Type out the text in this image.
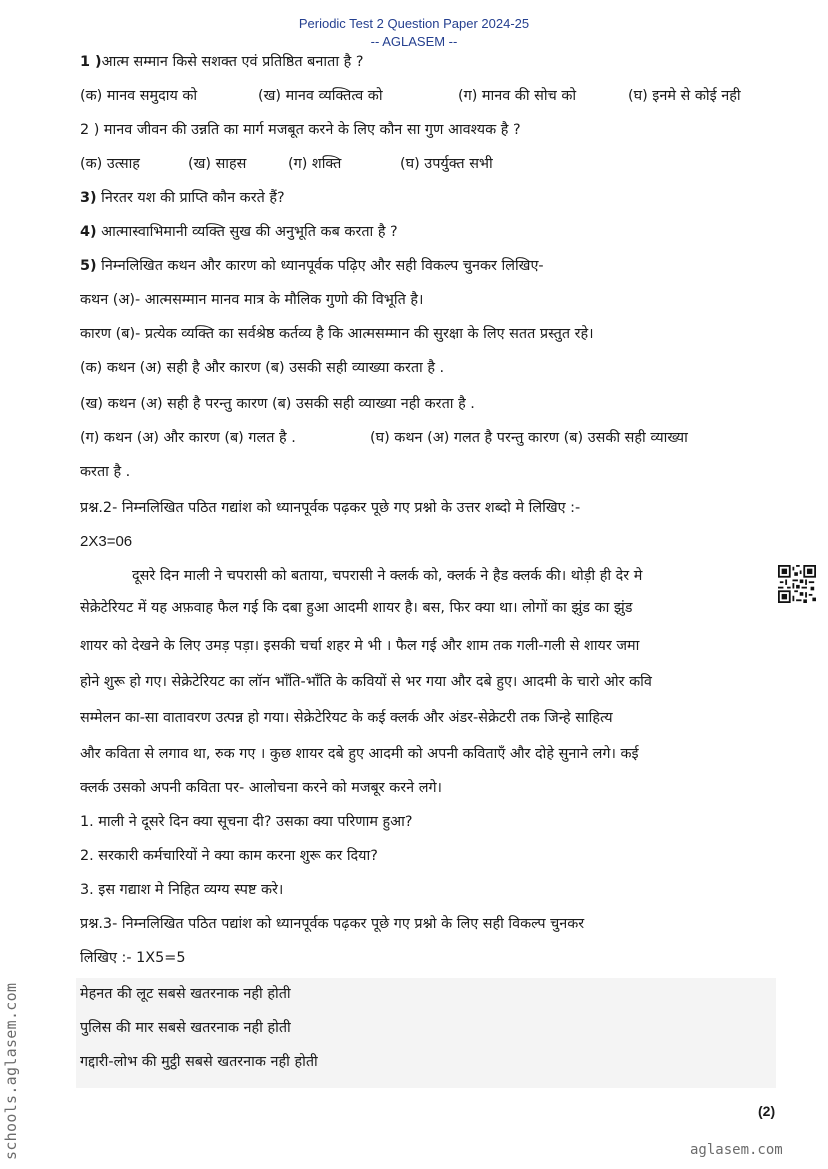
Periodic Test 2 Question Paper 2024-25
-- AGLASEM --
1 )आत्म सम्मान किसे सशक्त एवं प्रतिष्ठित बनाता है ?
(क) मानव समुदाय को	(ख) मानव व्यक्तित्व को	(ग) मानव की सोच को	(घ) इनमे से कोई नही
2 ) मानव जीवन की उन्नति का मार्ग मजबूत करने के लिए कौन सा गुण आवश्यक है ?
(क) उत्साह	(ख) साहस	(ग) शक्ति	(घ) उपर्युक्त सभी
3) निरतर यश की प्राप्ति कौन करते हैं?
4) आत्मास्वाभिमानी व्यक्ति सुख की अनुभूति कब करता है ?
5) निम्नलिखित कथन और कारण को ध्यानपूर्वक पढ़िए और सही विकल्प चुनकर लिखिए-
कथन (अ)- आत्मसम्मान मानव मात्र के मौलिक गुणो की विभूति है।
कारण (ब)- प्रत्येक व्यक्ति का सर्वश्रेष्ठ कर्तव्य है कि आत्मसम्मान की सुरक्षा के लिए सतत प्रस्तुत रहे।
(क) कथन (अ) सही है और कारण (ब) उसकी सही व्याख्या करता है .
(ख) कथन (अ) सही है परन्तु कारण (ब) उसकी सही व्याख्या नही करता है .
(ग) कथन (अ) और कारण (ब) गलत है .	(घ) कथन (अ) गलत है परन्तु कारण (ब) उसकी सही व्याख्या
करता है .
प्रश्न.2- निम्नलिखित पठित गद्यांश को ध्यानपूर्वक पढ़कर पूछे गए प्रश्नो के उत्तर शब्दो मे लिखिए :-
2X3=06
दूसरे दिन माली ने चपरासी को बताया, चपरासी ने क्लर्क को, क्लर्क ने हैड क्लर्क की। थोड़ी ही देर मे
सेक्रेटेरियट में यह अफ़वाह फैल गई कि दबा हुआ आदमी शायर है। बस, फिर क्या था। लोगों का झुंड का झुंड
शायर को देखने के लिए उमड़ पड़ा। इसकी चर्चा शहर मे भी । फैल गई और शाम तक गली-गली से शायर जमा
होने शुरू हो गए। सेक्रेटेरियट का लॉन भाँति-भाँति के कवियों से भर गया और दबे हुए। आदमी के चारो ओर कवि
सम्मेलन का-सा वातावरण उत्पन्न हो गया। सेक्रेटेरियट के कई क्लर्क और अंडर-सेक्रेटरी तक जिन्हे साहित्य
और कविता से लगाव था, रुक गए । कुछ शायर दबे हुए आदमी को अपनी कविताएँ और दोहे सुनाने लगे। कई
क्लर्क उसको अपनी कविता पर- आलोचना करने को मजबूर करने लगे।
1. माली ने दूसरे दिन क्या सूचना दी? उसका क्या परिणाम हुआ?
2. सरकारी कर्मचारियों ने क्या काम करना शुरू कर दिया?
3. इस गद्याश मे निहित व्यग्य स्पष्ट करे।
प्रश्न.3- निम्नलिखित पठित पद्यांश को ध्यानपूर्वक पढ़कर पूछे गए प्रश्नो के लिए सही विकल्प चुनकर
लिखिए :- 1X5=5
मेहनत की लूट सबसे खतरनाक नही होती
पुलिस की मार सबसे खतरनाक नही होती
गद्दारी-लोभ की मुट्ठी सबसे खतरनाक नही होती
(2)
aglasem.com
schools.aglasem.com
